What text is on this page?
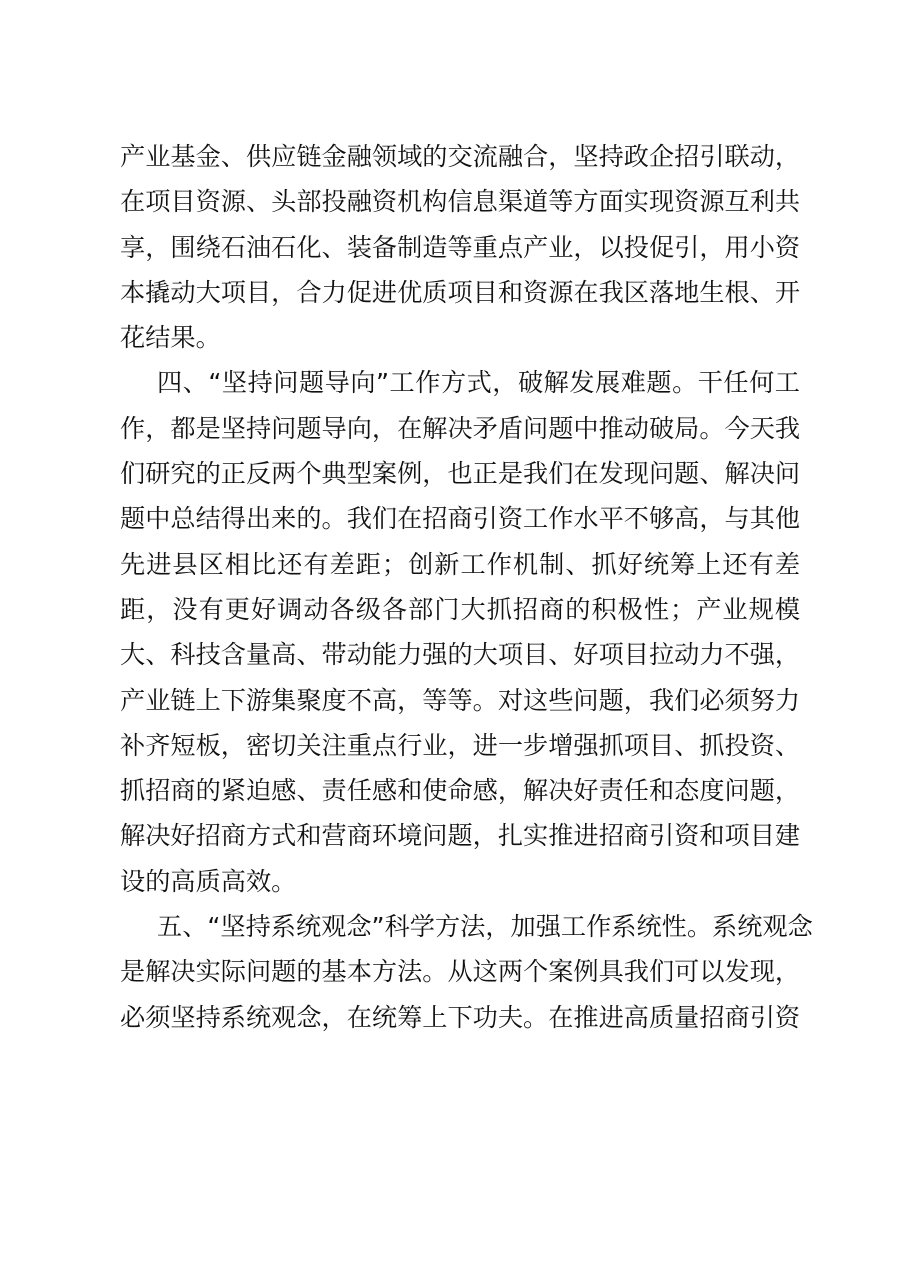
产业基金、供应链金融领域的交流融合，坚持政企招引联动，
在项目资源、头部投融资机构信息渠道等方面实现资源互利共
享，围绕石油石化、装备制造等重点产业，以投促引，用小资
本撬动大项目，合力促进优质项目和资源在我区落地生根、开
花结果。
四、“坚持问题导向”工作方式，破解发展难题。干任何工
作，都是坚持问题导向，在解决矛盾问题中推动破局。今天我
们研究的正反两个典型案例，也正是我们在发现问题、解决问
题中总结得出来的。我们在招商引资工作水平不够高，与其他
先进县区相比还有差距；创新工作机制、抓好统筹上还有差
距，没有更好调动各级各部门大抓招商的积极性；产业规模
大、科技含量高、带动能力强的大项目、好项目拉动力不强，
产业链上下游集聚度不高，等等。对这些问题，我们必须努力
补齐短板，密切关注重点行业，进一步增强抓项目、抓投资、
抓招商的紧迫感、责任感和使命感，解决好责任和态度问题，
解决好招商方式和营商环境问题，扎实推进招商引资和项目建
设的高质高效。
五、“坚持系统观念”科学方法，加强工作系统性。系统观念
是解决实际问题的基本方法。从这两个案例具我们可以发现，
必须坚持系统观念，在统筹上下功夫。在推进高质量招商引资
